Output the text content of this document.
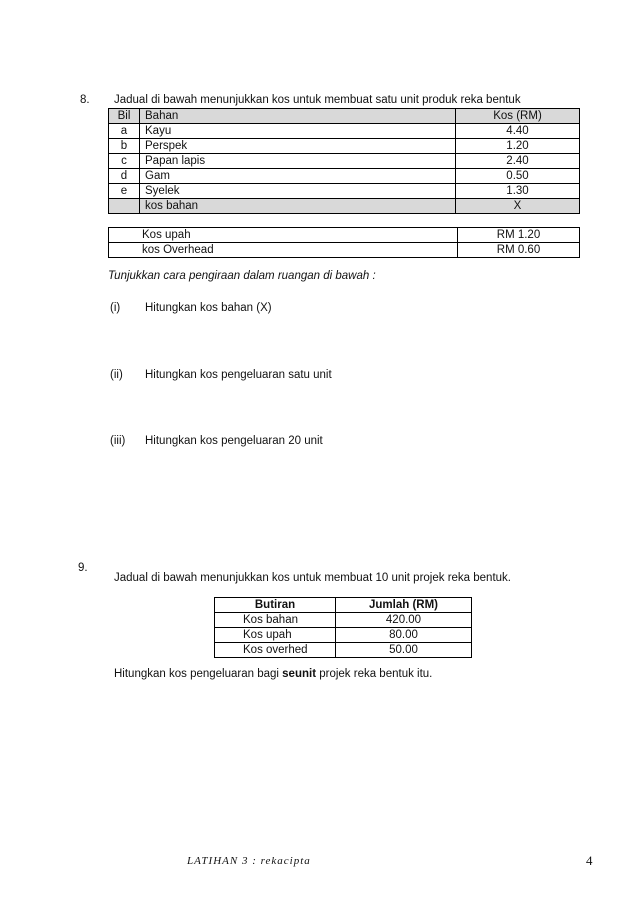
8. Jadual di bawah menunjukkan kos untuk membuat satu unit produk reka bentuk
Bil	Bahan	Kos (RM)
a	Kayu	4.40
b	Perspek	1.20
c	Papan lapis	2.40
d	Gam	0.50
e	Syelek	1.30
	kos bahan	X
Kos upah	RM 1.20
kos Overhead	RM 0.60
Tunjukkan cara pengiraan dalam ruangan di bawah :
(i) Hitungkan kos bahan (X)
(ii) Hitungkan kos pengeluaran satu unit
(iii) Hitungkan kos pengeluaran 20 unit
9.
Jadual di bawah menunjukkan kos untuk membuat 10 unit projek reka bentuk.
Butiran	Jumlah (RM)
Kos bahan	420.00
Kos upah	80.00
Kos overhed	50.00
Hitungkan kos pengeluaran bagi seunit projek reka bentuk itu.
LATIHAN 3 : rekacipta	4
